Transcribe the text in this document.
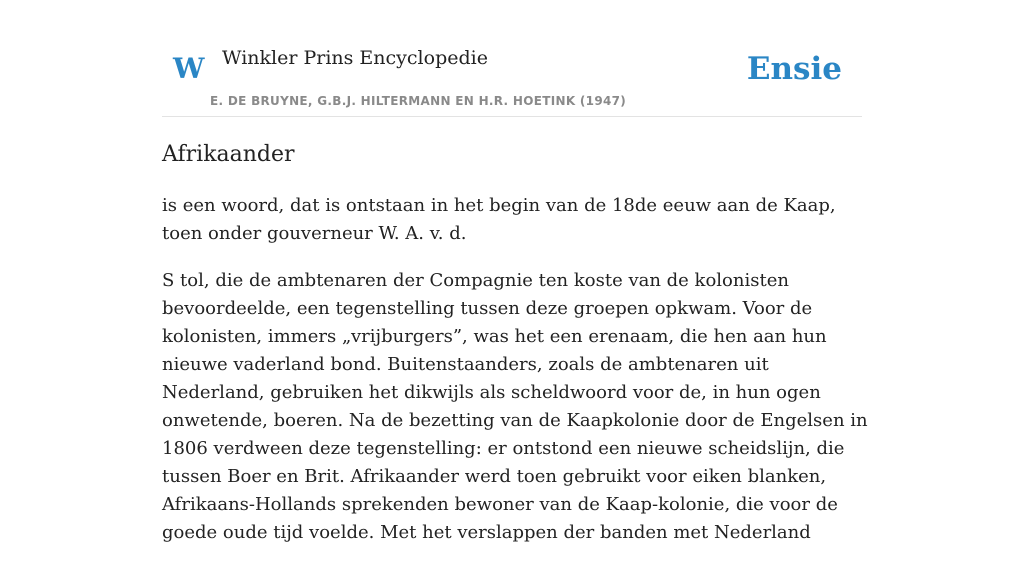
W Winkler Prins Encyclopedie
E. DE BRUYNE, G.B.J. HILTERMANN EN H.R. HOETINK (1947)
Ensie
Afrikaander

is een woord, dat is ontstaan in het begin van de 18de eeuw aan de Kaap, toen onder gouverneur W. A. v. d.

S tol, die de ambtenaren der Compagnie ten koste van de kolonisten bevoordeelde, een tegenstelling tussen deze groepen opkwam. Voor de kolonisten, immers „vrijburgers”, was het een erenaam, die hen aan hun nieuwe vaderland bond. Buitenstaanders, zoals de ambtenaren uit Nederland, gebruiken het dikwijls als scheldwoord voor de, in hun ogen onwetende, boeren. Na de bezetting van de Kaapkolonie door de Engelsen in 1806 verdween deze tegenstelling: er ontstond een nieuwe scheidslijn, die tussen Boer en Brit. Afrikaander werd toen gebruikt voor eiken blanken, Afrikaans-Hollands sprekenden bewoner van de Kaap-kolonie, die voor de goede oude tijd voelde. Met het verslappen der banden met Nederland
